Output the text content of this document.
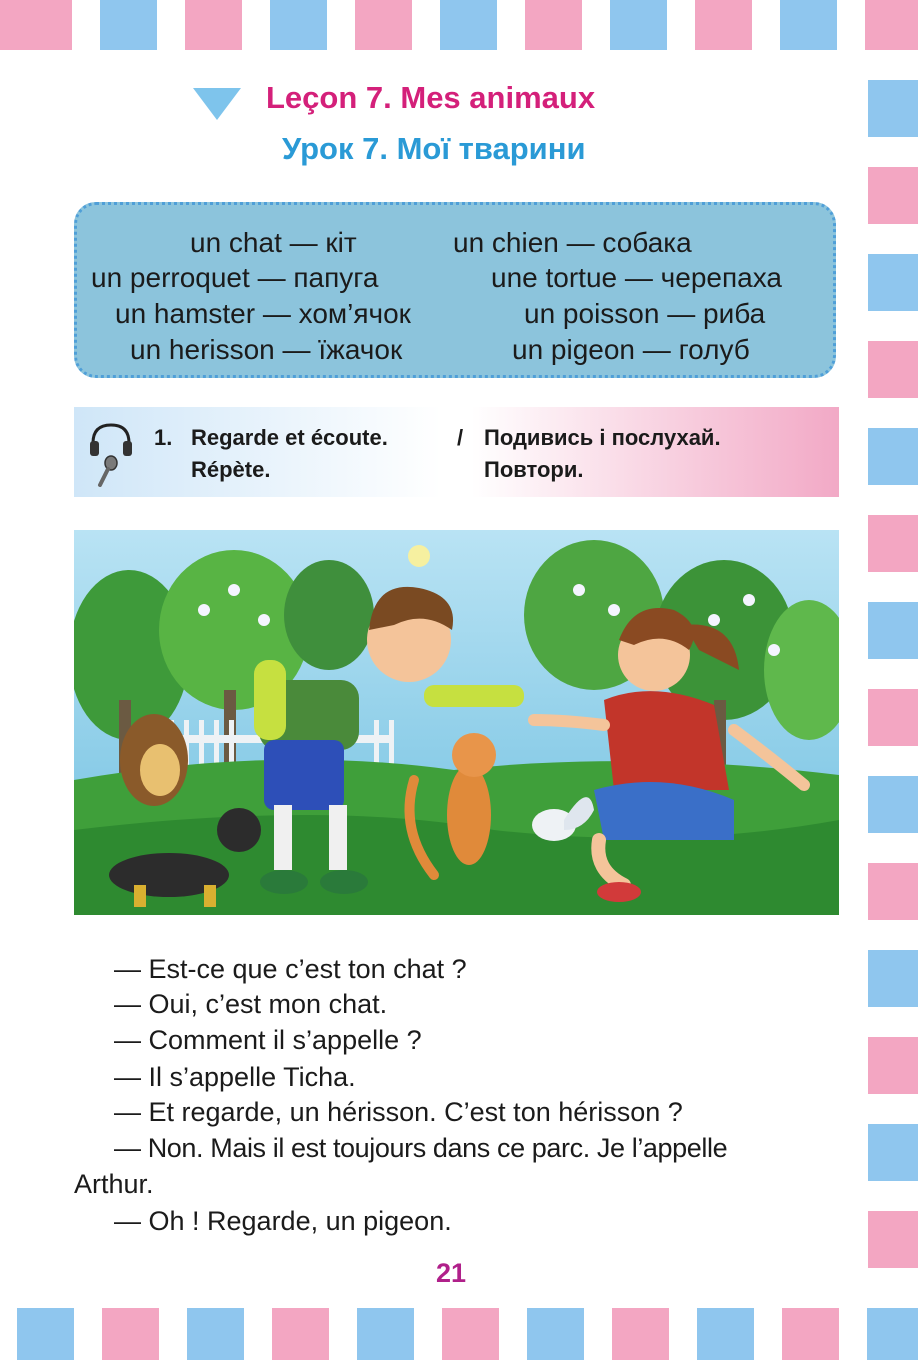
Leçon 7. Mes animaux
Урок 7. Мої тварини
un chat — кіт	un chien — собака
un perroquet — папуга	une tortue — черепаха
un hamster — хом’ячок	un poisson — риба
un herisson — їжачок	un pigeon — голуб
1. Regarde et écoute.	/ Подивись і послухай.
Répète.	Повтори.
— Est-ce que c’est ton chat ?
— Oui, c’est mon chat.
— Comment il s’appelle ?
— Il s’appelle Ticha.
— Et regarde, un hérisson. C’est ton hérisson ?
— Non. Mais il est toujours dans ce parc. Je l’appelle
Arthur.
— Oh ! Regarde, un pigeon.
21
